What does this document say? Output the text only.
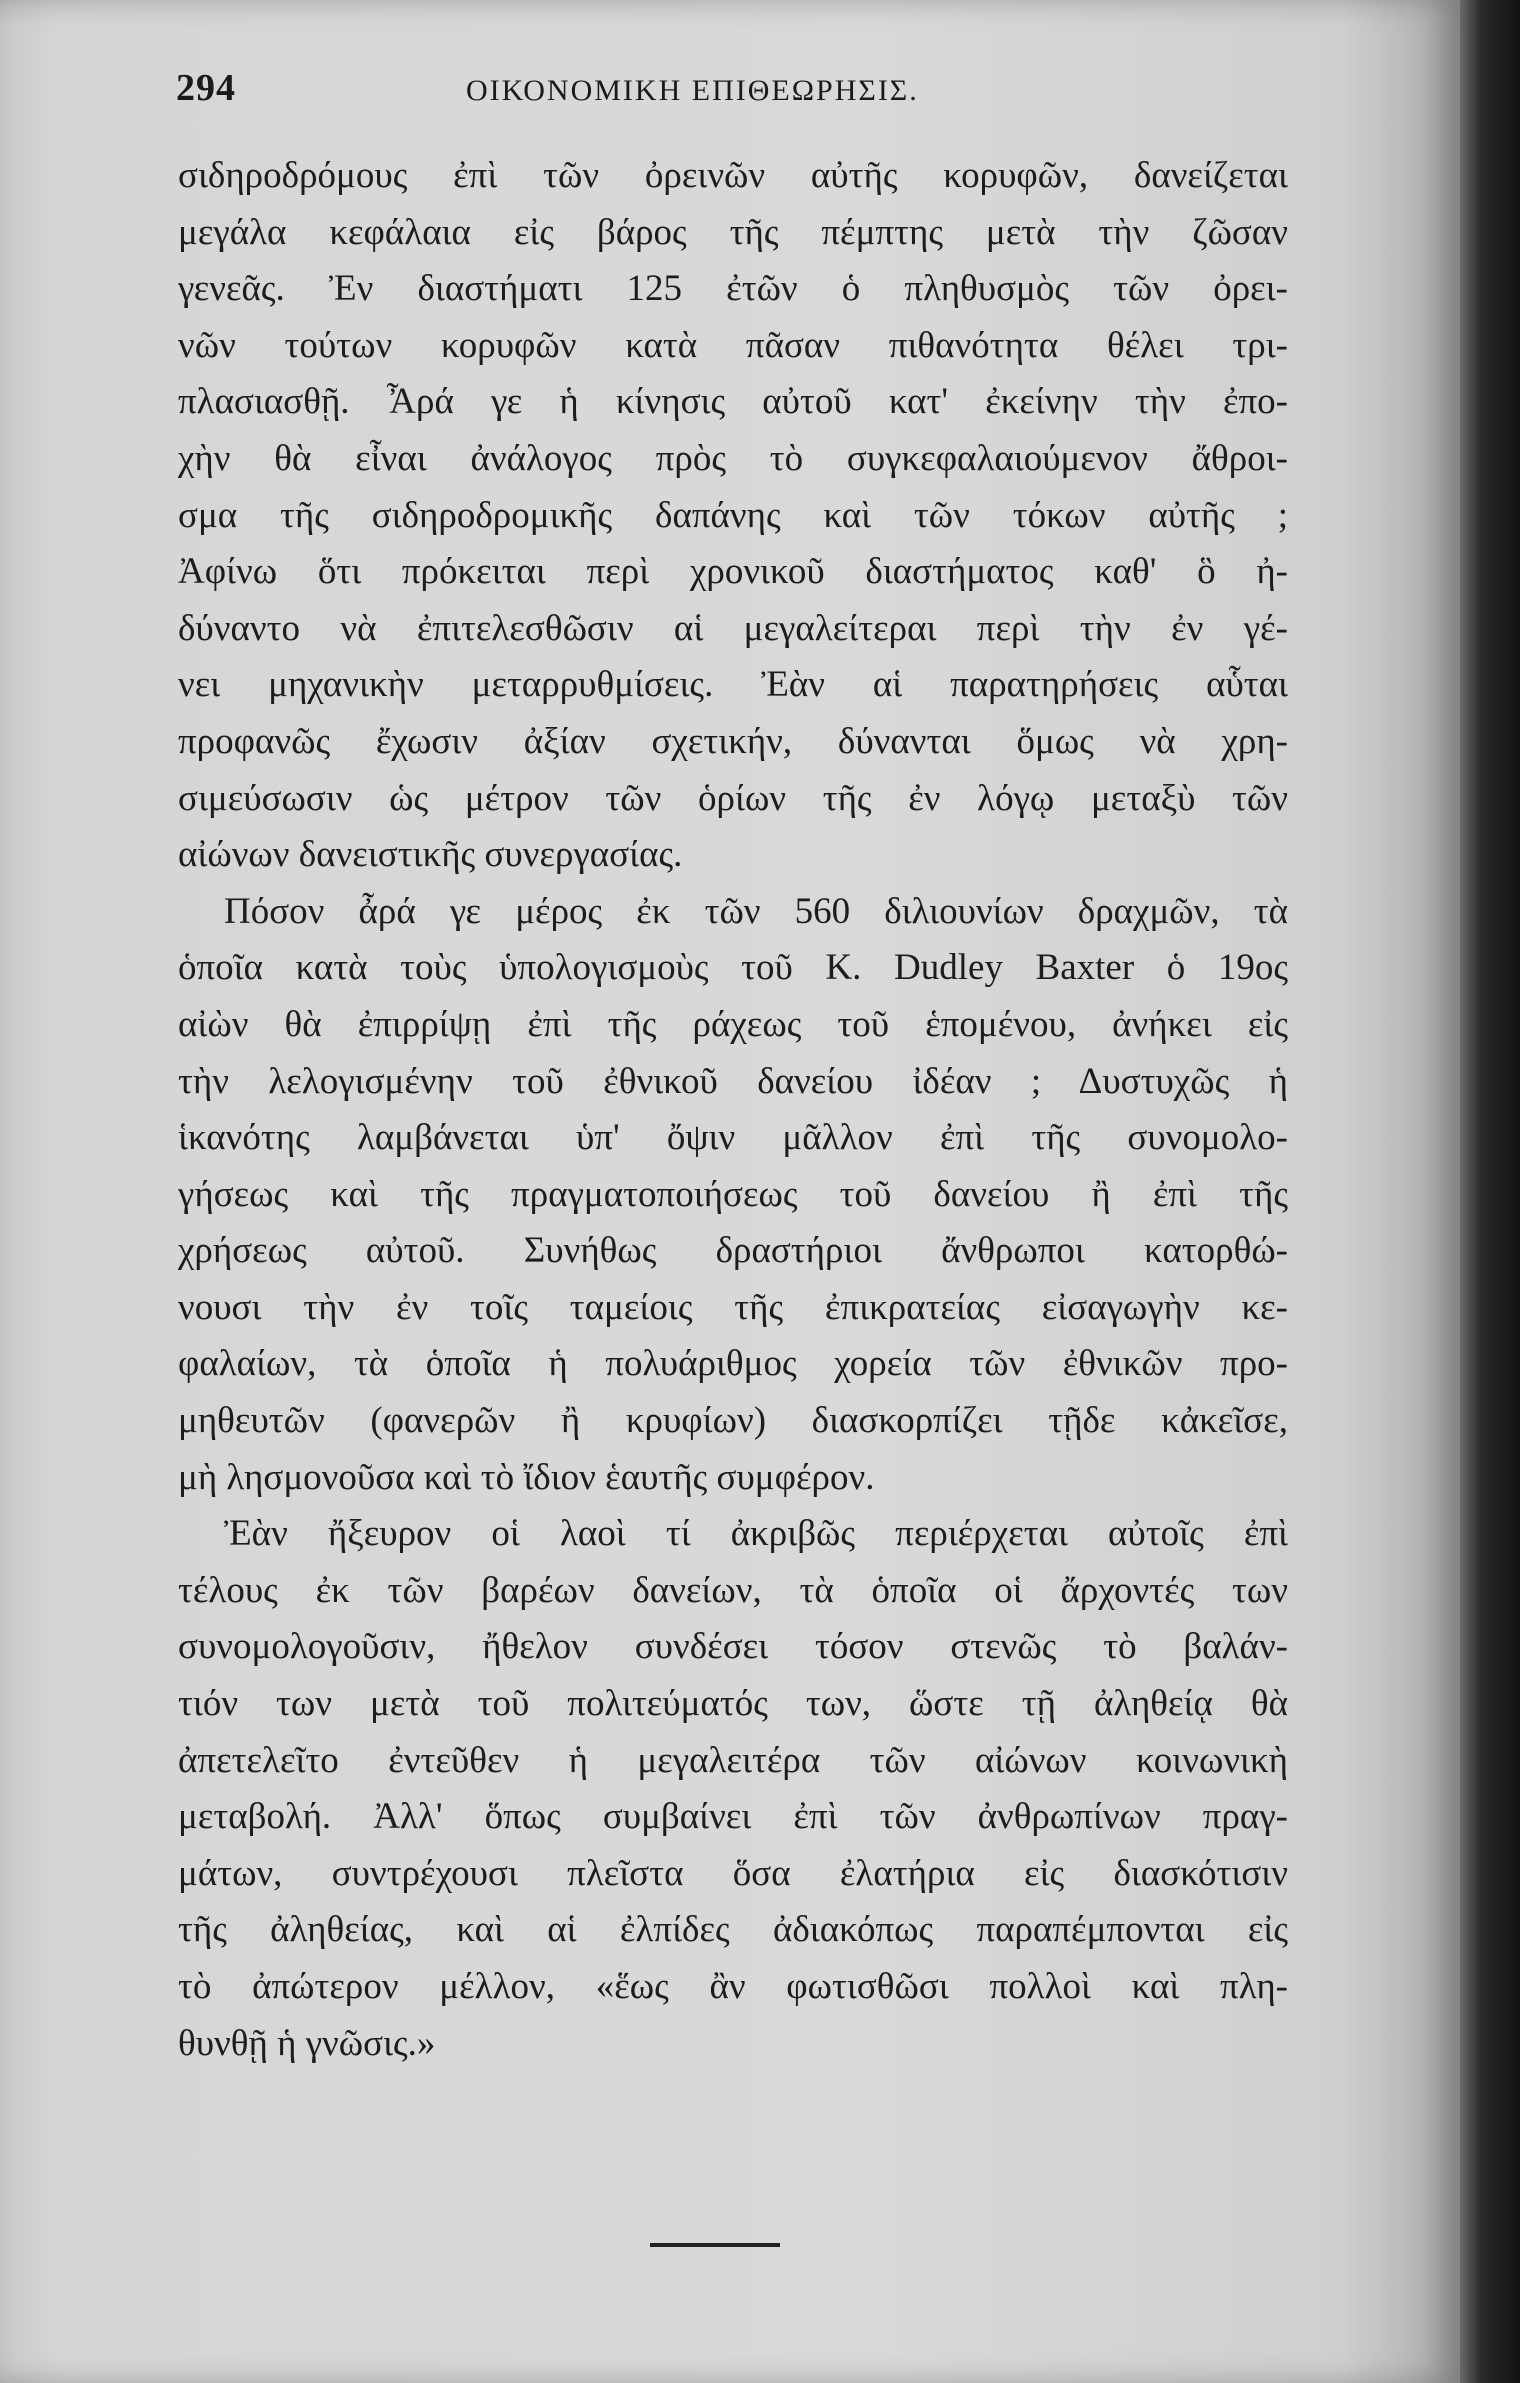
294	ΟΙΚΟΝΟΜΙΚΗ ΕΠΙΘΕΩΡΗΣΙΣ.
σιδηροδρόμους ἐπὶ τῶν ὀρεινῶν αὐτῆς κορυφῶν, δανείζεται
μεγάλα κεφάλαια εἰς βάρος τῆς πέμπτης μετὰ τὴν ζῶσαν
γενεᾶς. Ἐν διαστήματι 125 ἐτῶν ὁ πληθυσμὸς τῶν ὀρει-
νῶν τούτων κορυφῶν κατὰ πᾶσαν πιθανότητα θέλει τρι-
πλασιασθῇ. Ἆρά γε ἡ κίνησις αὐτοῦ κατ' ἐκείνην τὴν ἐπο-
χὴν θὰ εἶναι ἀνάλογος πρὸς τὸ συγκεφαλαιούμενον ἄθροι-
σμα τῆς σιδηροδρομικῆς δαπάνης καὶ τῶν τόκων αὐτῆς ;
Ἀφίνω ὅτι πρόκειται περὶ χρονικοῦ διαστήματος καθ' ὃ ἠ-
δύναντο νὰ ἐπιτελεσθῶσιν αἱ μεγαλείτεραι περὶ τὴν ἐν γέ-
νει μηχανικὴν μεταρρυθμίσεις. Ἐὰν αἱ παρατηρήσεις αὗται
προφανῶς ἔχωσιν ἀξίαν σχετικήν, δύνανται ὅμως νὰ χρη-
σιμεύσωσιν ὡς μέτρον τῶν ὁρίων τῆς ἐν λόγῳ μεταξὺ τῶν
αἰώνων δανειστικῆς συνεργασίας.
Πόσον ἆρά γε μέρος ἐκ τῶν 560 διλιουνίων δραχμῶν, τὰ
ὁποῖα κατὰ τοὺς ὑπολογισμοὺς τοῦ Κ. Dudley Baxter ὁ 19ος
αἰὼν θὰ ἐπιρρίψῃ ἐπὶ τῆς ράχεως τοῦ ἑπομένου, ἀνήκει εἰς
τὴν λελογισμένην τοῦ ἐθνικοῦ δανείου ἰδέαν ; Δυστυχῶς ἡ
ἱκανότης λαμβάνεται ὑπ' ὄψιν μᾶλλον ἐπὶ τῆς συνομολο-
γήσεως καὶ τῆς πραγματοποιήσεως τοῦ δανείου ἢ ἐπὶ τῆς
χρήσεως αὐτοῦ. Συνήθως δραστήριοι ἄνθρωποι κατορθώ-
νουσι τὴν ἐν τοῖς ταμείοις τῆς ἐπικρατείας εἰσαγωγὴν κε-
φαλαίων, τὰ ὁποῖα ἡ πολυάριθμος χορεία τῶν ἐθνικῶν προ-
μηθευτῶν (φανερῶν ἢ κρυφίων) διασκορπίζει τῇδε κἀκεῖσε,
μὴ λησμονοῦσα καὶ τὸ ἴδιον ἑαυτῆς συμφέρον.
Ἐὰν ἤξευρον οἱ λαοὶ τί ἀκριβῶς περιέρχεται αὐτοῖς ἐπὶ
τέλους ἐκ τῶν βαρέων δανείων, τὰ ὁποῖα οἱ ἄρχοντές των
συνομολογοῦσιν, ἤθελον συνδέσει τόσον στενῶς τὸ βαλάν-
τιόν των μετὰ τοῦ πολιτεύματός των, ὥστε τῇ ἀληθείᾳ θὰ
ἀπετελεῖτο ἐντεῦθεν ἡ μεγαλειτέρα τῶν αἰώνων κοινωνικὴ
μεταβολή. Ἀλλ' ὅπως συμβαίνει ἐπὶ τῶν ἀνθρωπίνων πραγ-
μάτων, συντρέχουσι πλεῖστα ὅσα ἐλατήρια εἰς διασκότισιν
τῆς ἀληθείας, καὶ αἱ ἐλπίδες ἀδιακόπως παραπέμπονται εἰς
τὸ ἀπώτερον μέλλον, «ἕως ἂν φωτισθῶσι πολλοὶ καὶ πλη-
θυνθῇ ἡ γνῶσις.»
